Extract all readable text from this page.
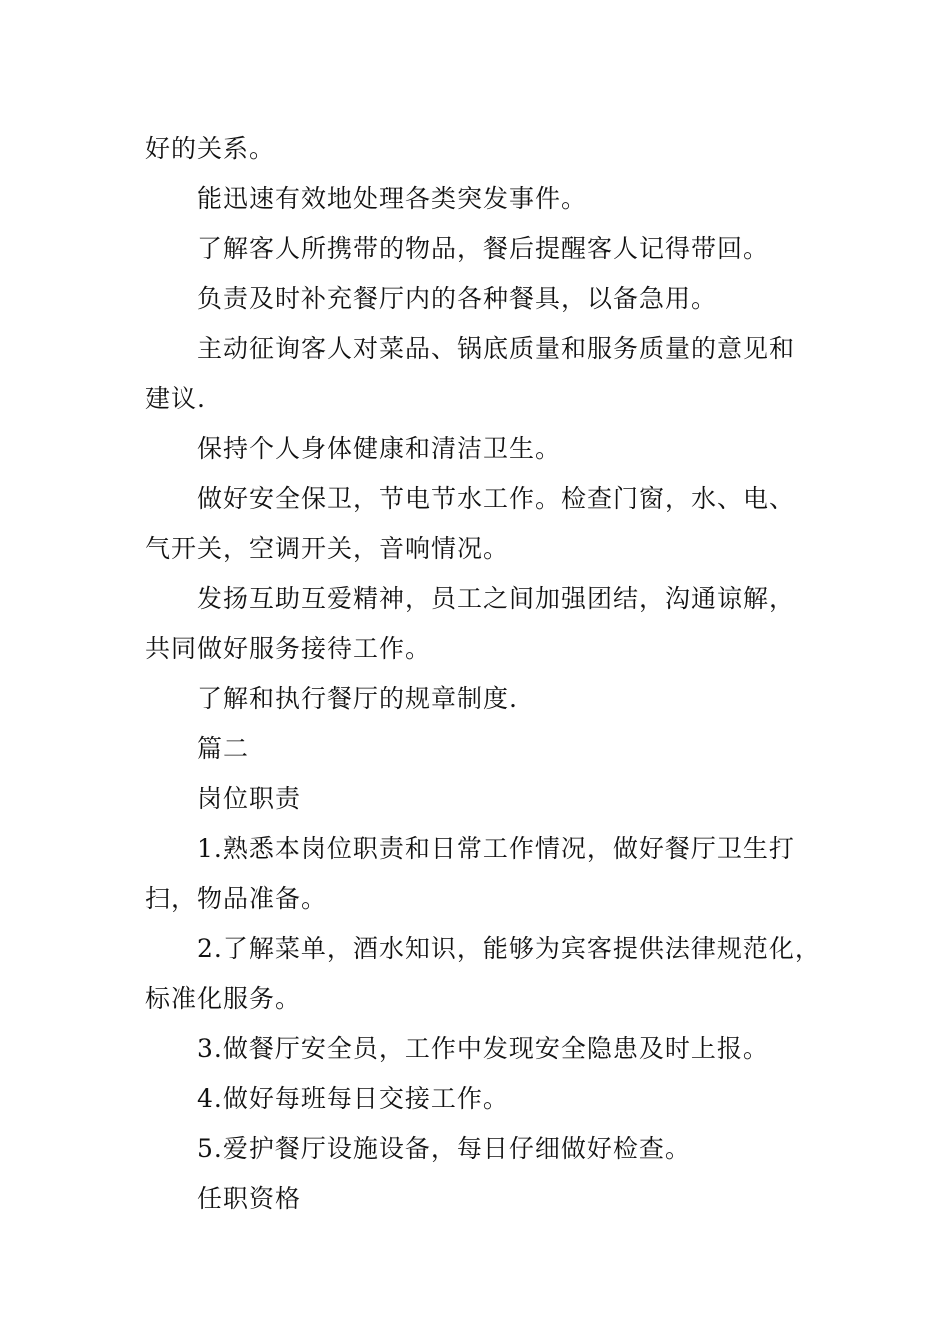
好的关系。
能迅速有效地处理各类突发事件。
了解客人所携带的物品，餐后提醒客人记得带回。
负责及时补充餐厅内的各种餐具，以备急用。
主动征询客人对菜品、锅底质量和服务质量的意见和
建议.
保持个人身体健康和清洁卫生。
做好安全保卫，节电节水工作。检查门窗，水、电、
气开关，空调开关，音响情况。
发扬互助互爱精神，员工之间加强团结，沟通谅解，
共同做好服务接待工作。
了解和执行餐厅的规章制度.
篇二
岗位职责
1.熟悉本岗位职责和日常工作情况，做好餐厅卫生打
扫，物品准备。
2.了解菜单，酒水知识，能够为宾客提供法律规范化，
标准化服务。
3.做餐厅安全员，工作中发现安全隐患及时上报。
4.做好每班每日交接工作。
5.爱护餐厅设施设备，每日仔细做好检查。
任职资格
